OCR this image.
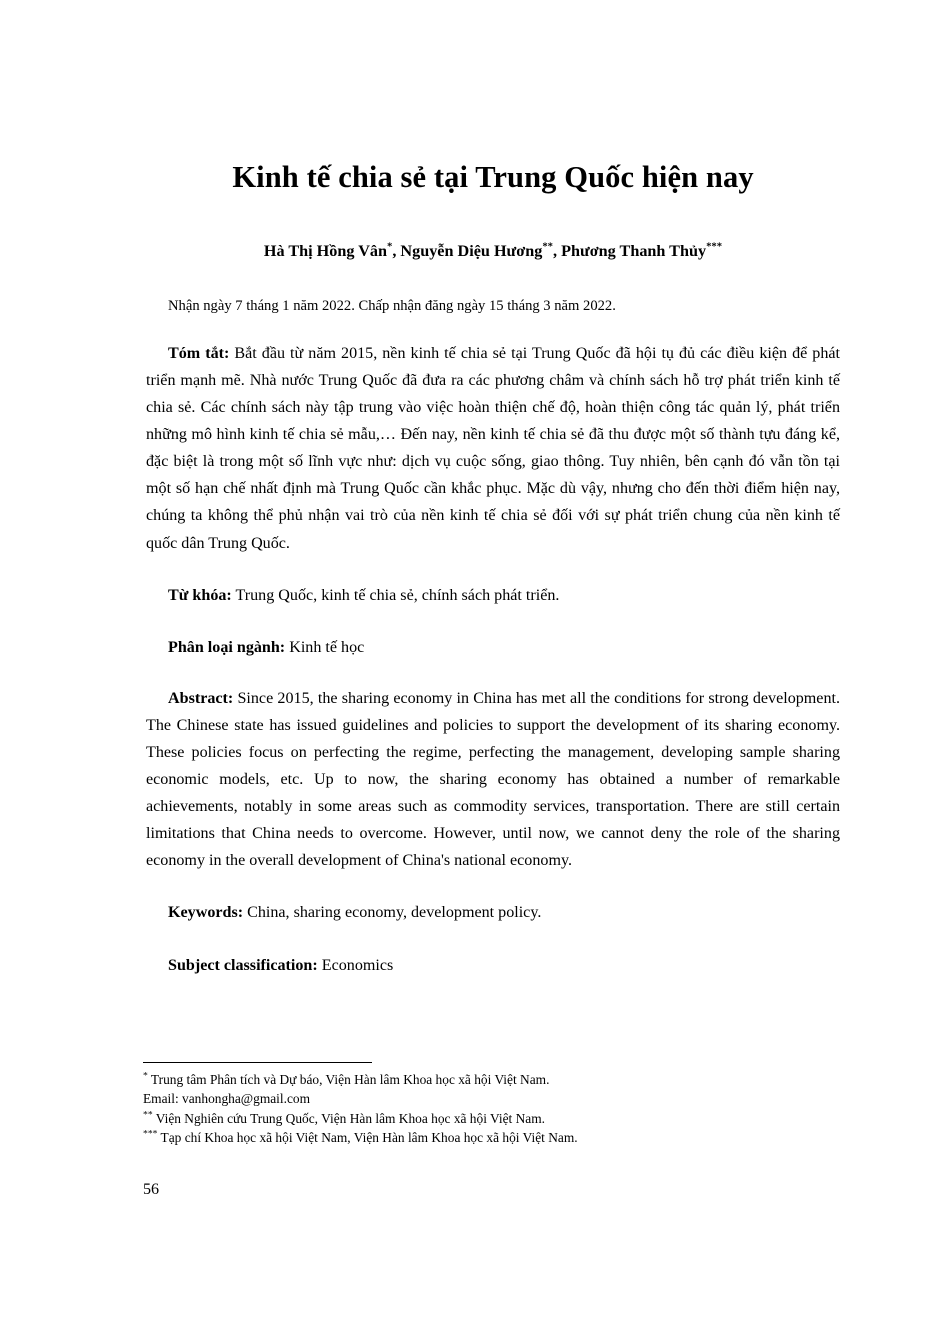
Kinh tế chia sẻ tại Trung Quốc hiện nay

Hà Thị Hồng Vân*, Nguyễn Diệu Hương**, Phương Thanh Thủy***

Nhận ngày 7 tháng 1 năm 2022. Chấp nhận đăng ngày 15 tháng 3 năm 2022.

Tóm tắt: Bắt đầu từ năm 2015, nền kinh tế chia sẻ tại Trung Quốc đã hội tụ đủ các điều kiện để phát triển mạnh mẽ. Nhà nước Trung Quốc đã đưa ra các phương châm và chính sách hỗ trợ phát triển kinh tế chia sẻ. Các chính sách này tập trung vào việc hoàn thiện chế độ, hoàn thiện công tác quản lý, phát triển những mô hình kinh tế chia sẻ mẫu,… Đến nay, nền kinh tế chia sẻ đã thu được một số thành tựu đáng kể, đặc biệt là trong một số lĩnh vực như: dịch vụ cuộc sống, giao thông. Tuy nhiên, bên cạnh đó vẫn tồn tại một số hạn chế nhất định mà Trung Quốc cần khắc phục. Mặc dù vậy, nhưng cho đến thời điểm hiện nay, chúng ta không thể phủ nhận vai trò của nền kinh tế chia sẻ đối với sự phát triển chung của nền kinh tế quốc dân Trung Quốc.

Từ khóa: Trung Quốc, kinh tế chia sẻ, chính sách phát triển.

Phân loại ngành: Kinh tế học

Abstract: Since 2015, the sharing economy in China has met all the conditions for strong development. The Chinese state has issued guidelines and policies to support the development of its sharing economy. These policies focus on perfecting the regime, perfecting the management, developing sample sharing economic models, etc. Up to now, the sharing economy has obtained a number of remarkable achievements, notably in some areas such as commodity services, transportation. There are still certain limitations that China needs to overcome. However, until now, we cannot deny the role of the sharing economy in the overall development of China's national economy.

Keywords: China, sharing economy, development policy.

Subject classification: Economics

* Trung tâm Phân tích và Dự báo, Viện Hàn lâm Khoa học xã hội Việt Nam.

Email: vanhongha@gmail.com

** Viện Nghiên cứu Trung Quốc, Viện Hàn lâm Khoa học xã hội Việt Nam.

*** Tạp chí Khoa học xã hội Việt Nam, Viện Hàn lâm Khoa học xã hội Việt Nam.

56
